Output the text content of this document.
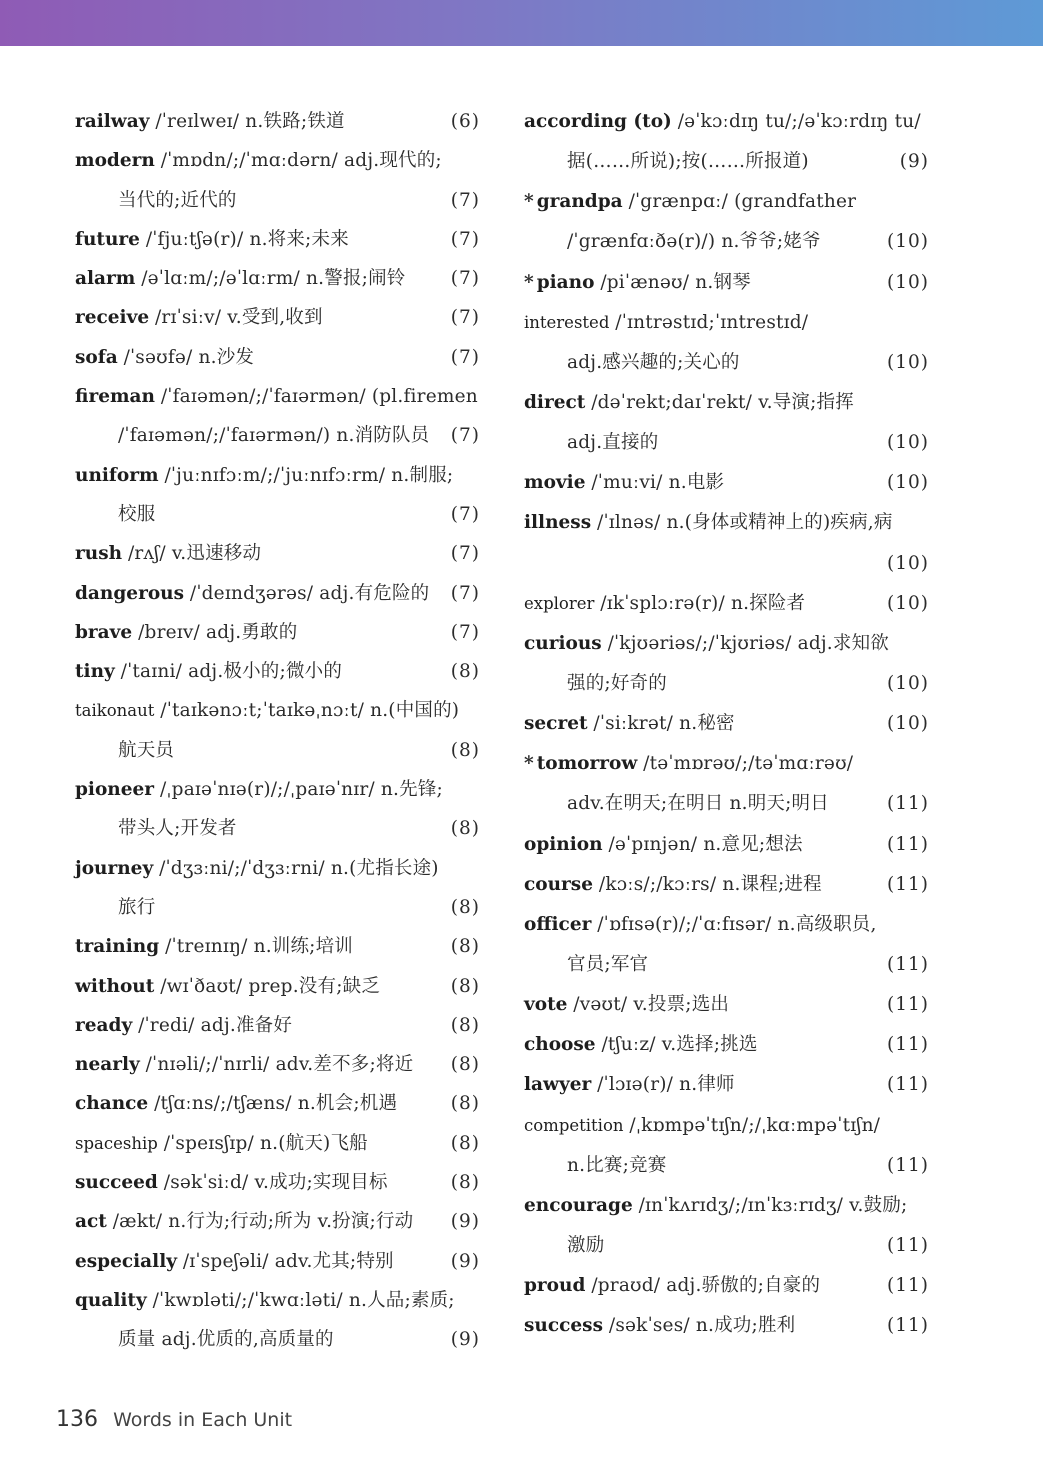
railway /ˈreɪlweɪ/ n.铁路;铁道	(6)
modern /ˈmɒdn/;/ˈmɑːdərn/ adj.现代的;
当代的;近代的	(7)
future /ˈfjuːtʃə(r)/ n.将来;未来	(7)
alarm /əˈlɑːm/;/əˈlɑːrm/ n.警报;闹铃 (7)
receive /rɪˈsiːv/ v.受到,收到	(7)
sofa /ˈsəʊfə/ n.沙发	(7)
fireman /ˈfaɪəmən/;/ˈfaɪərmən/ (pl.firemen
/ˈfaɪəmən/;/ˈfaɪərmən/) n.消防队员 (7)
uniform /ˈjuːnɪfɔːm/;/ˈjuːnɪfɔːrm/ n.制服;
校服	(7)
rush /rʌʃ/ v.迅速移动	(7)
dangerous /ˈdeɪndʒərəs/ adj.有危险的 (7)
brave /breɪv/ adj.勇敢的	(7)
tiny /ˈtaɪni/ adj.极小的;微小的	(8)
taikonaut /ˈtaɪkənɔːt;ˈtaɪkəˌnɔːt/ n.(中国的)
航天员	(8)
pioneer /ˌpaɪəˈnɪə(r)/;/ˌpaɪəˈnɪr/ n.先锋;
带头人;开发者	(8)
journey /ˈdʒɜːni/;/ˈdʒɜːrni/ n.(尤指长途)
旅行	(8)
training /ˈtreɪnɪŋ/ n.训练;培训	(8)
without /wɪˈðaʊt/ prep.没有;缺乏	(8)
ready /ˈredi/ adj.准备好	(8)
nearly /ˈnɪəli/;/ˈnɪrli/ adv.差不多;将近 (8)
chance /tʃɑːns/;/tʃæns/ n.机会;机遇	(8)
spaceship /ˈspeɪsʃɪp/ n.(航天)飞船	(8)
succeed /səkˈsiːd/ v.成功;实现目标	(8)
act /ækt/ n.行为;行动;所为 v.扮演;行动 (9)
especially /ɪˈspeʃəli/ adv.尤其;特别	(9)
quality /ˈkwɒləti/;/ˈkwɑːləti/ n.人品;素质;
质量 adj.优质的,高质量的	(9)
according (to) /əˈkɔːdɪŋ tu/;/əˈkɔːrdɪŋ tu/
据(……所说);按(……所报道)	(9)
* grandpa /ˈgrænpɑː/ (grandfather
/ˈgrænfɑːðə(r)/) n.爷爷;姥爷	(10)
* piano /piˈænəʊ/ n.钢琴	(10)
interested /ˈɪntrəstɪd;ˈɪntrestɪd/
adj.感兴趣的;关心的	(10)
direct /dəˈrekt;daɪˈrekt/ v.导演;指挥
adj.直接的	(10)
movie /ˈmuːvi/ n.电影	(10)
illness /ˈɪlnəs/ n.(身体或精神上的)疾病,病
(10)
explorer /ɪkˈsplɔːrə(r)/ n.探险者	(10)
curious /ˈkjʊəriəs/;/ˈkjʊriəs/ adj.求知欲
强的;好奇的	(10)
secret /ˈsiːkrət/ n.秘密	(10)
* tomorrow /təˈmɒrəʊ/;/təˈmɑːrəʊ/
adv.在明天;在明日 n.明天;明日	(11)
opinion /əˈpɪnjən/ n.意见;想法	(11)
course /kɔːs/;/kɔːrs/ n.课程;进程	(11)
officer /ˈɒfɪsə(r)/;/ˈɑːfɪsər/ n.高级职员,
官员;军官	(11)
vote /vəʊt/ v.投票;选出	(11)
choose /tʃuːz/ v.选择;挑选	(11)
lawyer /ˈlɔɪə(r)/ n.律师	(11)
competition /ˌkɒmpəˈtɪʃn/;/ˌkɑːmpəˈtɪʃn/
n.比赛;竞赛	(11)
encourage /ɪnˈkʌrɪdʒ/;/ɪnˈkɜːrɪdʒ/ v.鼓励;
激励	(11)
proud /praʊd/ adj.骄傲的;自豪的	(11)
success /səkˈses/ n.成功;胜利	(11)
136 Words in Each Unit
